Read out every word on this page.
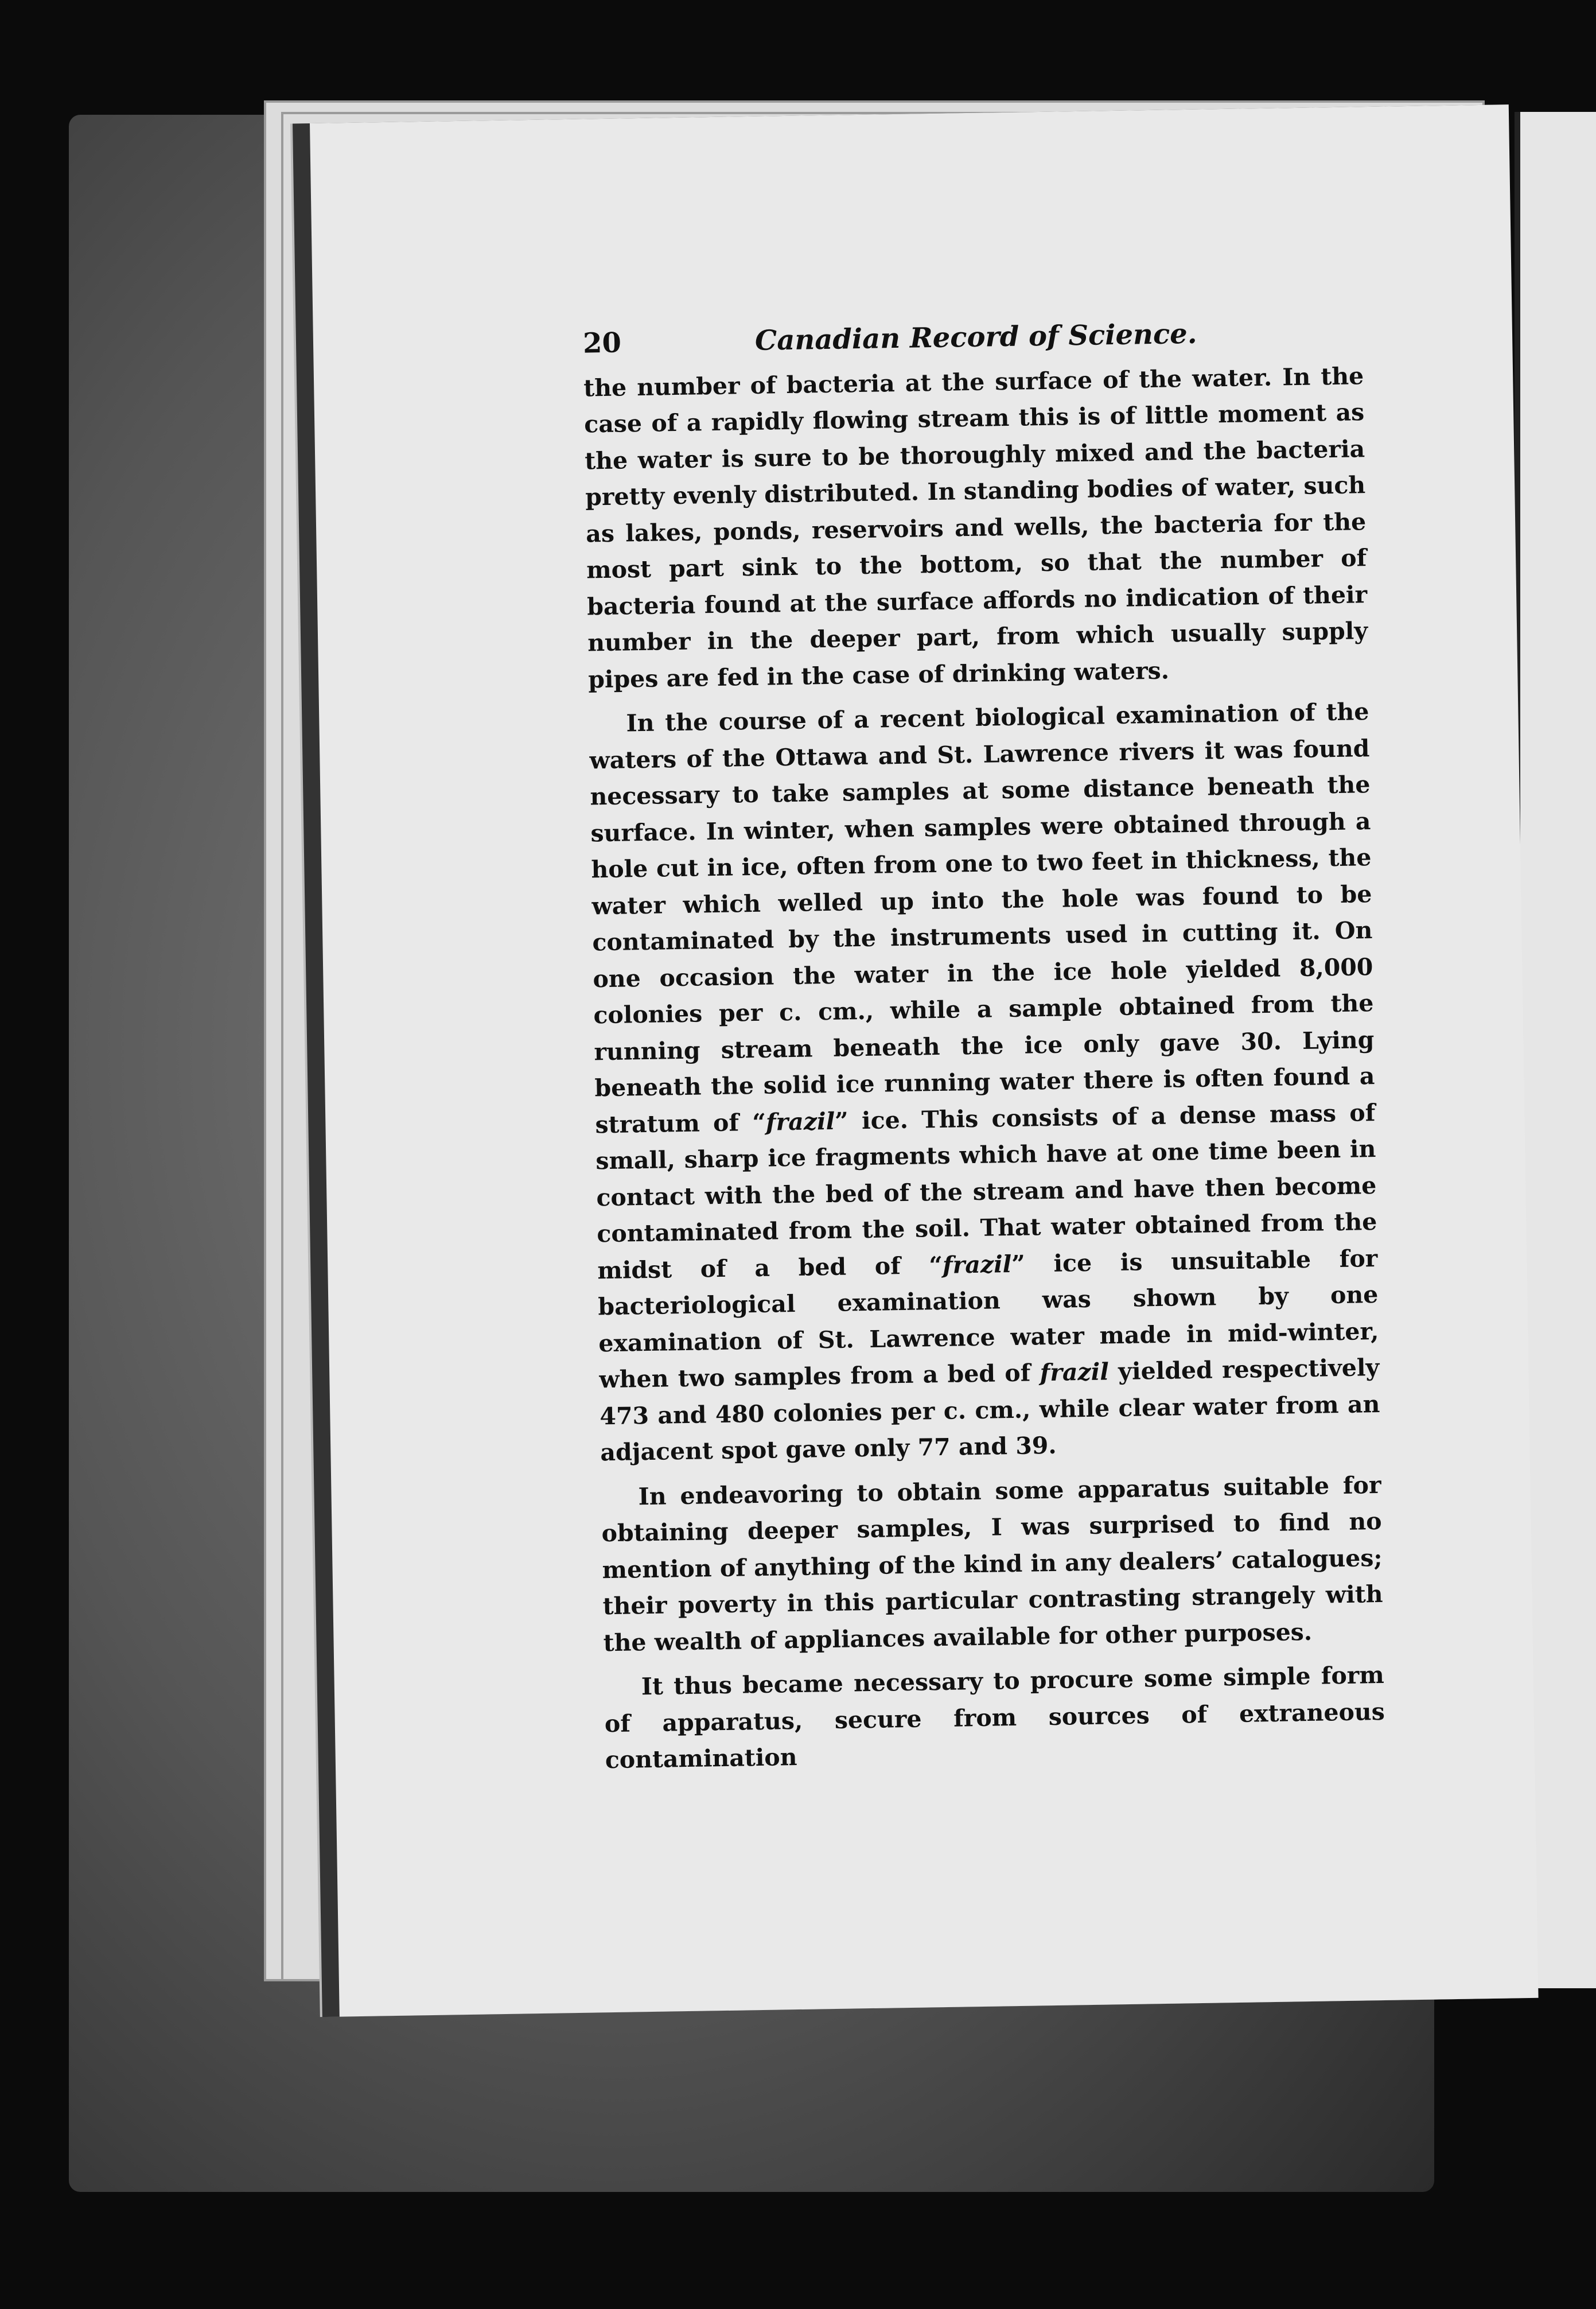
20	Canadian Record of Science.

the number of bacteria at the surface of the water. In the case of a rapidly flowing stream this is of little moment as the water is sure to be thoroughly mixed and the bacteria pretty evenly distributed. In standing bodies of water, such as lakes, ponds, reservoirs and wells, the bacteria for the most part sink to the bottom, so that the number of bacteria found at the surface affords no indication of their number in the deeper part, from which usually supply pipes are fed in the case of drinking waters.

In the course of a recent biological examination of the waters of the Ottawa and St. Lawrence rivers it was found necessary to take samples at some distance beneath the surface. In winter, when samples were obtained through a hole cut in ice, often from one to two feet in thickness, the water which welled up into the hole was found to be contaminated by the instruments used in cutting it. On one occasion the water in the ice hole yielded 8,000 colonies per c. cm., while a sample obtained from the running stream beneath the ice only gave 30. Lying beneath the solid ice running water there is often found a stratum of “frazil” ice. This consists of a dense mass of small, sharp ice fragments which have at one time been in contact with the bed of the stream and have then become contaminated from the soil. That water obtained from the midst of a bed of “frazil” ice is unsuitable for bacteriological examination was shown by one examination of St. Lawrence water made in mid-winter, when two samples from a bed of frazil yielded respectively 473 and 480 colonies per c. cm., while clear water from an adjacent spot gave only 77 and 39.

In endeavoring to obtain some apparatus suitable for obtaining deeper samples, I was surprised to find no mention of anything of the kind in any dealers’ catalogues; their poverty in this particular contrasting strangely with the wealth of appliances available for other purposes.

It thus became necessary to procure some simple form of apparatus, secure from sources of extraneous contamination
